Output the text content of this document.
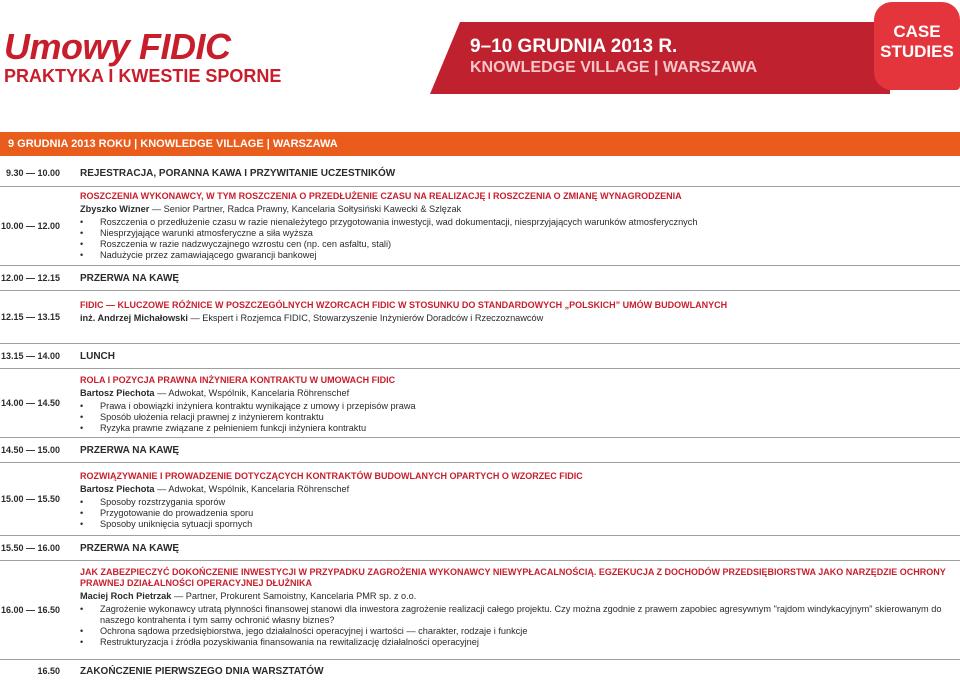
Umowy FIDIC
PRAKTYKA I KWESTIE SPORNE
9–10 GRUDNIA 2013 R.
KNOWLEDGE VILLAGE | WARSZAWA
CASE
STUDIES
9 GRUDNIA 2013 ROKU | KNOWLEDGE VILLAGE | WARSZAWA
9.30 — 10.00	REJESTRACJA, PORANNA KAWA I PRZYWITANIE UCZESTNIKÓW
10.00 — 12.00
ROSZCZENIA WYKONAWCY, W TYM ROSZCZENIA O PRZEDŁUŻENIE CZASU NA REALIZACJĘ I ROSZCZENIA O ZMIANĘ WYNAGRODZENIA
Zbyszko Wizner — Senior Partner, Radca Prawny, Kancelaria Sołtysiński Kawecki & Szlęzak
• Roszczenia o przedłużenie czasu w razie nienależytego przygotowania inwestycji, wad dokumentacji, niesprzyjających warunków atmosferycznych
• Niesprzyjające warunki atmosferyczne a siła wyższa
• Roszczenia w razie nadzwyczajnego wzrostu cen (np. cen asfaltu, stali)
• Nadużycie przez zamawiającego gwarancji bankowej
12.00 — 12.15	PRZERWA NA KAWĘ
12.15 — 13.15
FIDIC — KLUCZOWE RÓŻNICE W POSZCZEGÓLNYCH WZORCACH FIDIC W STOSUNKU DO STANDARDOWYCH „POLSKICH” UMÓW BUDOWLANYCH
inż. Andrzej Michałowski — Ekspert i Rozjemca FIDIC, Stowarzyszenie Inżynierów Doradców i Rzeczoznawców
13.15 — 14.00	LUNCH
14.00 — 14.50
ROLA I POZYCJA PRAWNA INŻYNIERA KONTRAKTU W UMOWACH FIDIC
Bartosz Piechota — Adwokat, Wspólnik, Kancelaria Röhrenschef
• Prawa i obowiązki inżyniera kontraktu wynikające z umowy i przepisów prawa
• Sposób ułożenia relacji prawnej z inżynierem kontraktu
• Ryzyka prawne związane z pełnieniem funkcji inżyniera kontraktu
14.50 — 15.00	PRZERWA NA KAWĘ
15.00 — 15.50
ROZWIĄZYWANIE I PROWADZENIE DOTYCZĄCYCH KONTRAKTÓW BUDOWLANYCH OPARTYCH O WZORZEC FIDIC
Bartosz Piechota — Adwokat, Wspólnik, Kancelaria Röhrenschef
• Sposoby rozstrzygania sporów
• Przygotowanie do prowadzenia sporu
• Sposoby uniknięcia sytuacji spornych
15.50 — 16.00	PRZERWA NA KAWĘ
16.00 — 16.50
JAK ZABEZPIECZYĆ DOKOŃCZENIE INWESTYCJI W PRZYPADKU ZAGROŻENIA WYKONAWCY NIEWYPŁACALNOŚCIĄ. EGZEKUCJA Z DOCHODÓW PRZEDSIĘBIORSTWA JAKO NARZĘDZIE OCHRONY PRAWNEJ DZIAŁALNOŚCI OPERACYJNEJ DŁUŻNIKA
Maciej Roch Pietrzak — Partner, Prokurent Samoistny, Kancelaria PMR sp. z o.o.
• Zagrożenie wykonawcy utratą płynności finansowej stanowi dla inwestora zagrożenie realizacji całego projektu. Czy można zgodnie z prawem zapobiec agresywnym "rajdom windykacyjnym" skierowanym do naszego kontrahenta i tym samy ochronić własny biznes?
• Ochrona sądowa przedsiębiorstwa, jego działalności operacyjnej i wartości — charakter, rodzaje i funkcje
• Restrukturyzacja i źródła pozyskiwania finansowania na rewitalizację działalności operacyjnej
16.50	ZAKOŃCZENIE PIERWSZEGO DNIA WARSZTATÓW
